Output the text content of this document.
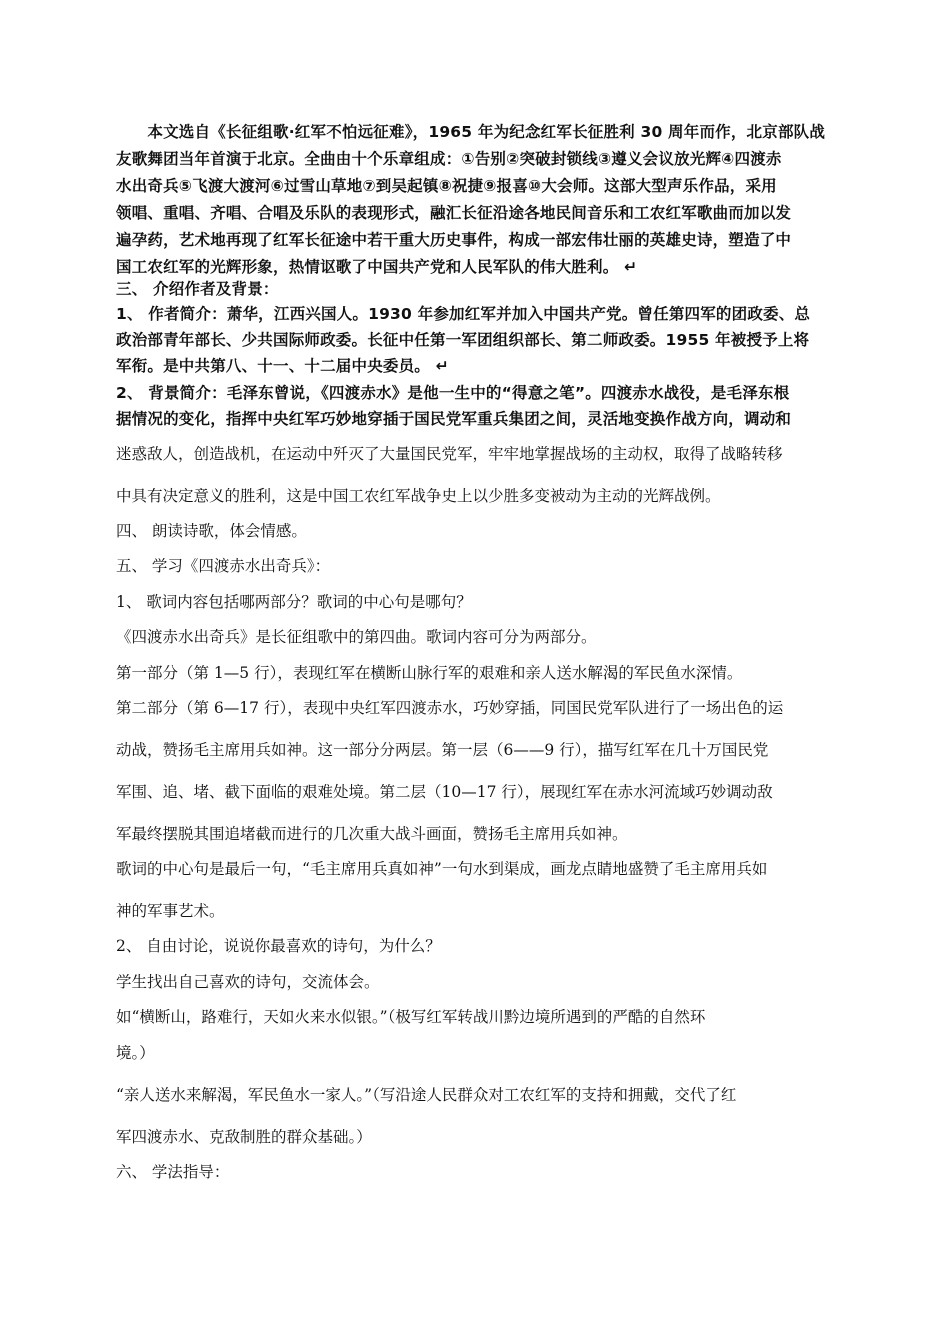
　　本文选自《长征组歌·红军不怕远征难》，1965 年为纪念红军长征胜利 30 周年而作，北京部队战
友歌舞团当年首演于北京。全曲由十个乐章组成：①告别②突破封锁线③遵义会议放光辉④四渡赤
水出奇兵⑤飞渡大渡河⑥过雪山草地⑦到吴起镇⑧祝捷⑨报喜⑩大会师。这部大型声乐作品，采用
领唱、重唱、齐唱、合唱及乐队的表现形式，融汇长征沿途各地民间音乐和工农红军歌曲而加以发
遍孕药，艺术地再现了红军长征途中若干重大历史事件，构成一部宏伟壮丽的英雄史诗，塑造了中
国工农红军的光辉形象，热情讴歌了中国共产党和人民军队的伟大胜利。 ↵
三、 介绍作者及背景：
1、 作者简介：萧华，江西兴国人。1930 年参加红军并加入中国共产党。曾任第四军的团政委、总
政治部青年部长、少共国际师政委。长征中任第一军团组织部长、第二师政委。1955 年被授予上将
军衔。是中共第八、十一、十二届中央委员。 ↵
2、 背景简介：毛泽东曾说，《四渡赤水》是他一生中的“得意之笔”。四渡赤水战役，是毛泽东根
据情况的变化，指挥中央红军巧妙地穿插于国民党军重兵集团之间，灵活地变换作战方向，调动和
迷惑敌人，创造战机，在运动中歼灭了大量国民党军，牢牢地掌握战场的主动权，取得了战略转移
中具有决定意义的胜利，这是中国工农红军战争史上以少胜多变被动为主动的光辉战例。
四、 朗读诗歌，体会情感。
五、 学习《四渡赤水出奇兵》：
1、 歌词内容包括哪两部分？歌词的中心句是哪句？
《四渡赤水出奇兵》是长征组歌中的第四曲。歌词内容可分为两部分。
第一部分（第 1—5 行），表现红军在横断山脉行军的艰难和亲人送水解渴的军民鱼水深情。
第二部分（第 6—17 行），表现中央红军四渡赤水，巧妙穿插，同国民党军队进行了一场出色的运
动战，赞扬毛主席用兵如神。这一部分分两层。第一层（6——9 行），描写红军在几十万国民党
军围、追、堵、截下面临的艰难处境。第二层（10—17 行），展现红军在赤水河流域巧妙调动敌
军最终摆脱其围追堵截而进行的几次重大战斗画面，赞扬毛主席用兵如神。
歌词的中心句是最后一句，“毛主席用兵真如神”一句水到渠成，画龙点睛地盛赞了毛主席用兵如
神的军事艺术。
2、 自由讨论，说说你最喜欢的诗句，为什么？
学生找出自己喜欢的诗句，交流体会。
如“横断山，路难行，天如火来水似银。”（极写红军转战川黔边境所遇到的严酷的自然环
境。）
“亲人送水来解渴，军民鱼水一家人。”（写沿途人民群众对工农红军的支持和拥戴，交代了红
军四渡赤水、克敌制胜的群众基础。）
六、 学法指导：
